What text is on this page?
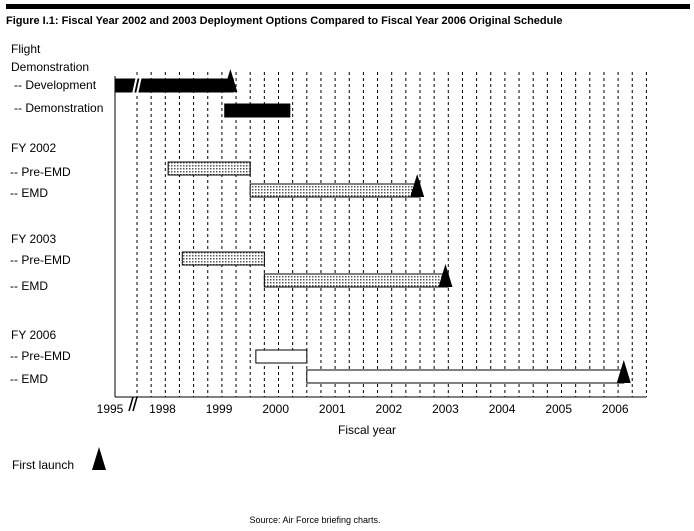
Figure I.1: Fiscal Year 2002 and 2003 Deployment Options Compared to Fiscal Year 2006 Original Schedule
Flight
Demonstration
-- Development
-- Demonstration
FY 2002
-- Pre-EMD
-- EMD
FY 2003
-- Pre-EMD
-- EMD
FY 2006
-- Pre-EMD
-- EMD
1995 1998 1999 2000 2001 2002 2003 2004 2005 2006
Fiscal year
First launch
Source: Air Force briefing charts.
